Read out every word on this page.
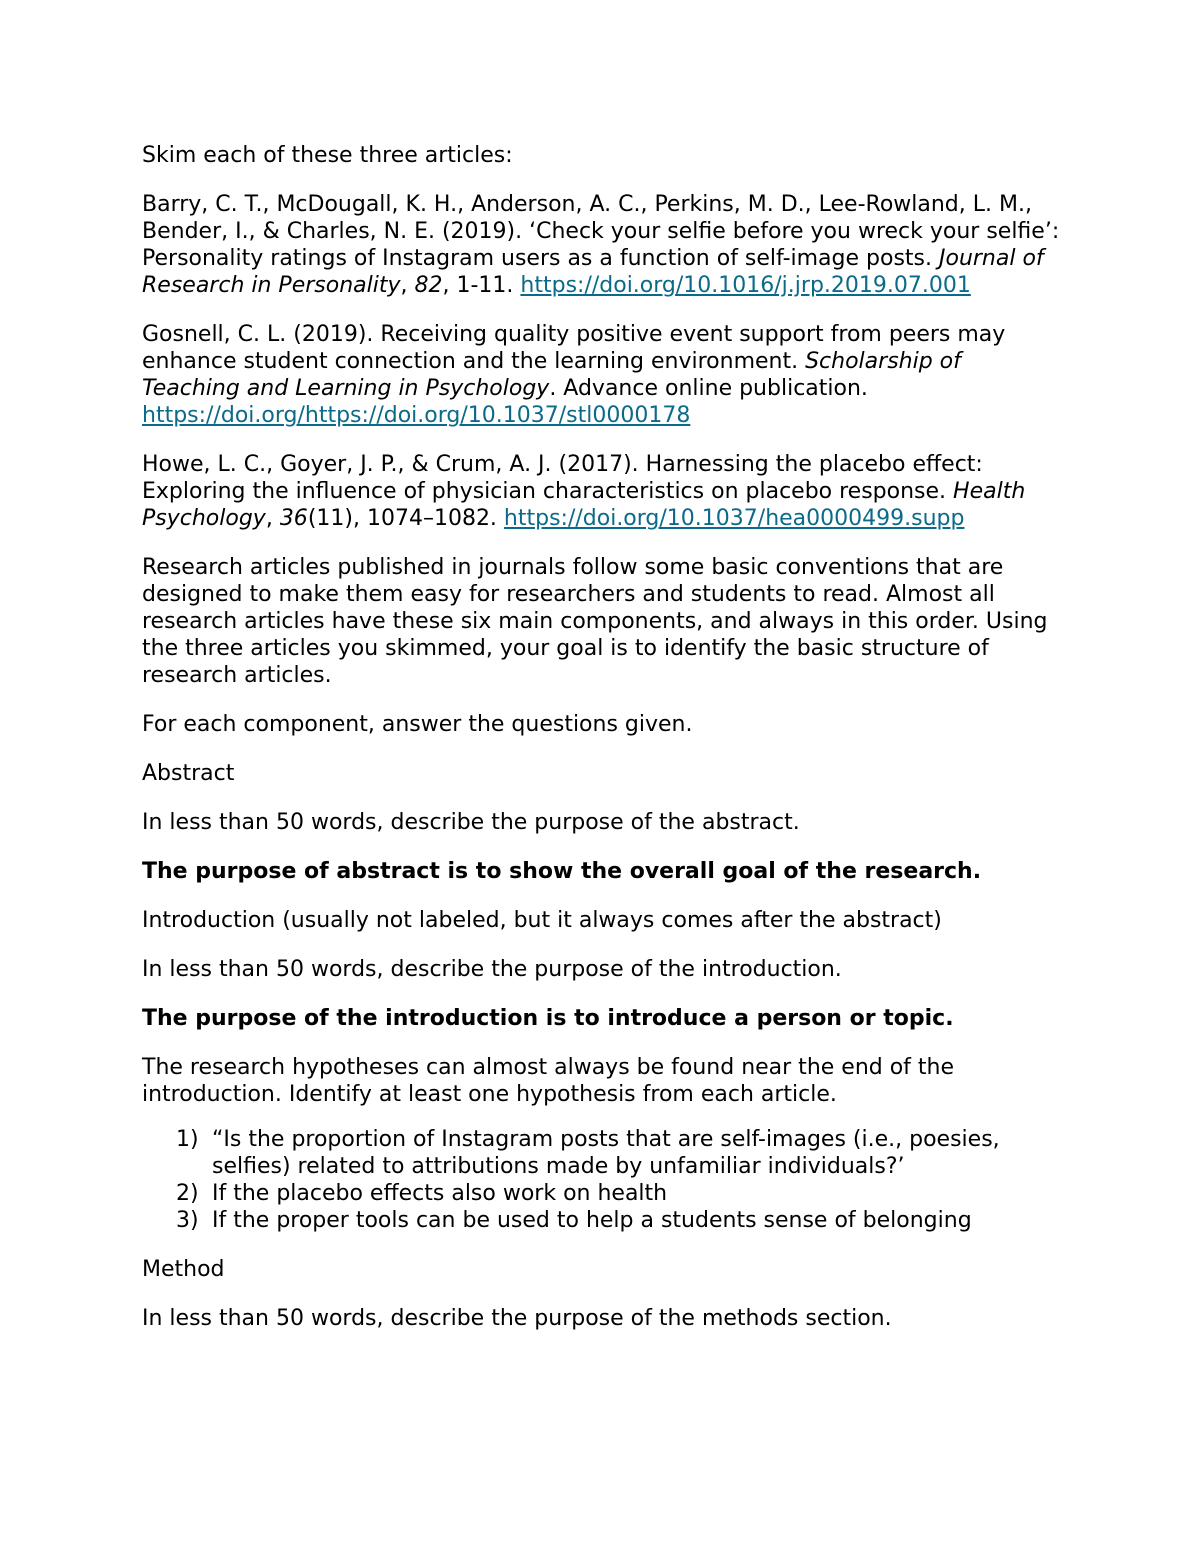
Skim each of these three articles:

Barry, C. T., McDougall, K. H., Anderson, A. C., Perkins, M. D., Lee-Rowland, L. M., Bender, I., & Charles, N. E. (2019). ‘Check your selfie before you wreck your selfie’: Personality ratings of Instagram users as a function of self-image posts. Journal of Research in Personality, 82, 1-11. https://doi.org/10.1016/j.jrp.2019.07.001

Gosnell, C. L. (2019). Receiving quality positive event support from peers may enhance student connection and the learning environment. Scholarship of Teaching and Learning in Psychology. Advance online publication. https://doi.org/https://doi.org/10.1037/stl0000178

Howe, L. C., Goyer, J. P., & Crum, A. J. (2017). Harnessing the placebo effect: Exploring the influence of physician characteristics on placebo response. Health Psychology, 36(11), 1074–1082. https://doi.org/10.1037/hea0000499.supp

Research articles published in journals follow some basic conventions that are designed to make them easy for researchers and students to read. Almost all research articles have these six main components, and always in this order. Using the three articles you skimmed, your goal is to identify the basic structure of research articles.

For each component, answer the questions given.

Abstract

In less than 50 words, describe the purpose of the abstract.

The purpose of abstract is to show the overall goal of the research.

Introduction (usually not labeled, but it always comes after the abstract)

In less than 50 words, describe the purpose of the introduction.

The purpose of the introduction is to introduce a person or topic.

The research hypotheses can almost always be found near the end of the introduction. Identify at least one hypothesis from each article.

1) “Is the proportion of Instagram posts that are self-images (i.e., poesies, selfies) related to attributions made by unfamiliar individuals?’
2) If the placebo effects also work on health
3) If the proper tools can be used to help a students sense of belonging

Method

In less than 50 words, describe the purpose of the methods section.
